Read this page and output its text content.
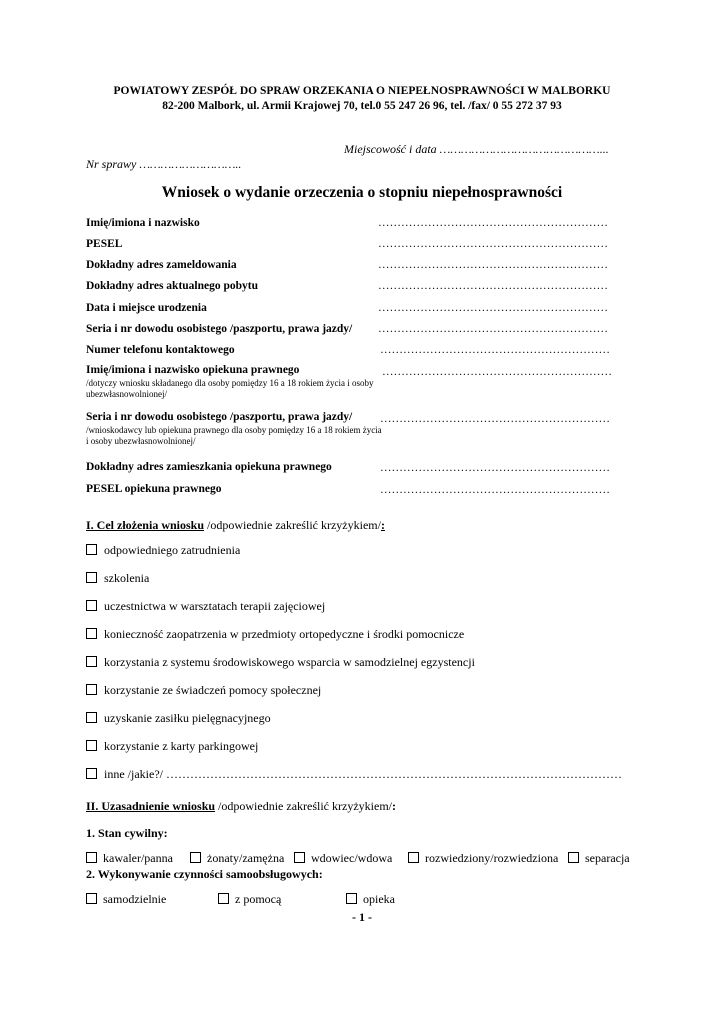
POWIATOWY ZESPÓŁ DO SPRAW ORZEKANIA O NIEPEŁNOSPRAWNOŚCI W MALBORKU
82-200 Malbork, ul. Armii Krajowej 70, tel.0 55 247 26 96, tel. /fax/ 0 55 272 37 93
Miejscowość i data ………………………………………...
Nr sprawy ………………………..
Wniosek o wydanie orzeczenia o stopniu niepełnosprawności
Imię/imiona i nazwisko	……………………………………………………
PESEL	……………………………………………………
Dokładny adres zameldowania	……………………………………………………
Dokładny adres aktualnego pobytu	……………………………………………………
Data i miejsce urodzenia	……………………………………………………
Seria i nr dowodu osobistego /paszportu, prawa jazdy/ ……………………………………………………
Numer telefonu kontaktowego	……………………………………………………
Imię/imiona i nazwisko opiekuna prawnego
/dotyczy wniosku składanego dla osoby pomiędzy 16 a 18 rokiem życia i osoby ubezwłasnowolnionej/
……………………………………………………
Seria i nr dowodu osobistego /paszportu, prawa jazdy/
/wnioskodawcy lub opiekuna prawnego dla osoby pomiędzy 16 a 18 rokiem życia i osoby ubezwłasnowolnionej/
……………………………………………………
Dokładny adres zamieszkania opiekuna prawnego	……………………………………………………
PESEL opiekuna prawnego	……………………………………………………
I. Cel złożenia wniosku /odpowiednie zakreślić krzyżykiem/:
odpowiedniego zatrudnienia
szkolenia
uczestnictwa w warsztatach terapii zajęciowej
konieczność zaopatrzenia w przedmioty ortopedyczne i środki pomocnicze
korzystania z systemu środowiskowego wsparcia w samodzielnej egzystencji
korzystanie ze świadczeń pomocy społecznej
uzyskanie zasiłku pielęgnacyjnego
korzystanie z karty parkingowej
inne /jakie?/ ……………………………………………………………………………………………………
II. Uzasadnienie wniosku /odpowiednie zakreślić krzyżykiem/:
1. Stan cywilny:
kawaler/panna	żonaty/zamężna	wdowiec/wdowa	rozwiedziony/rozwiedziona	separacja
2. Wykonywanie czynności samoobsługowych:
samodzielnie	z pomocą	opieka
- 1 -
